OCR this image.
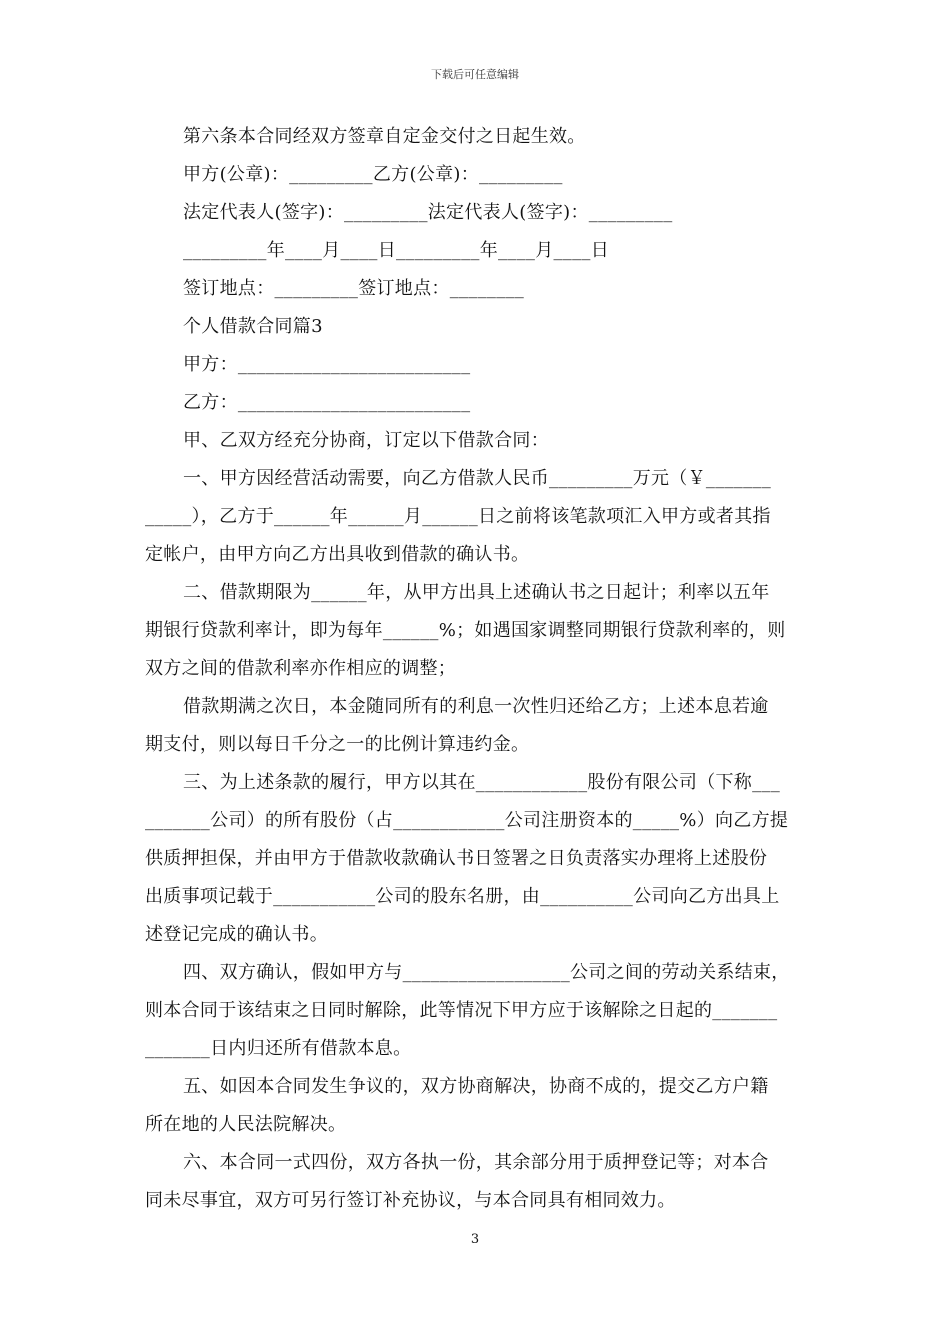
下载后可任意编辑
第六条本合同经双方签章自定金交付之日起生效。
甲方(公章)：_________乙方(公章)：_________
法定代表人(签字)：_________法定代表人(签字)：_________
_________年____月____日_________年____月____日
签订地点：_________签订地点：________
个人借款合同篇3
甲方：_________________________
乙方：_________________________
甲、乙双方经充分协商，订定以下借款合同：
一、甲方因经营活动需要，向乙方借款人民币_________万元（￥_______
_____），乙方于______年______月______日之前将该笔款项汇入甲方或者其指
定帐户，由甲方向乙方出具收到借款的确认书。
二、借款期限为______年，从甲方出具上述确认书之日起计；利率以五年
期银行贷款利率计，即为每年______%；如遇国家调整同期银行贷款利率的，则
双方之间的借款利率亦作相应的调整；
借款期满之次日，本金随同所有的利息一次性归还给乙方；上述本息若逾
期支付，则以每日千分之一的比例计算违约金。
三、为上述条款的履行，甲方以其在____________股份有限公司（下称___
_______公司）的所有股份（占____________公司注册资本的_____%）向乙方提
供质押担保，并由甲方于借款收款确认书日签署之日负责落实办理将上述股份
出质事项记载于___________公司的股东名册，由__________公司向乙方出具上
述登记完成的确认书。
四、双方确认，假如甲方与__________________公司之间的劳动关系结束，
则本合同于该结束之日同时解除，此等情况下甲方应于该解除之日起的_______
_______日内归还所有借款本息。
五、如因本合同发生争议的，双方协商解决，协商不成的，提交乙方户籍
所在地的人民法院解决。
六、本合同一式四份，双方各执一份，其余部分用于质押登记等；对本合
同未尽事宜，双方可另行签订补充协议，与本合同具有相同效力。
3
